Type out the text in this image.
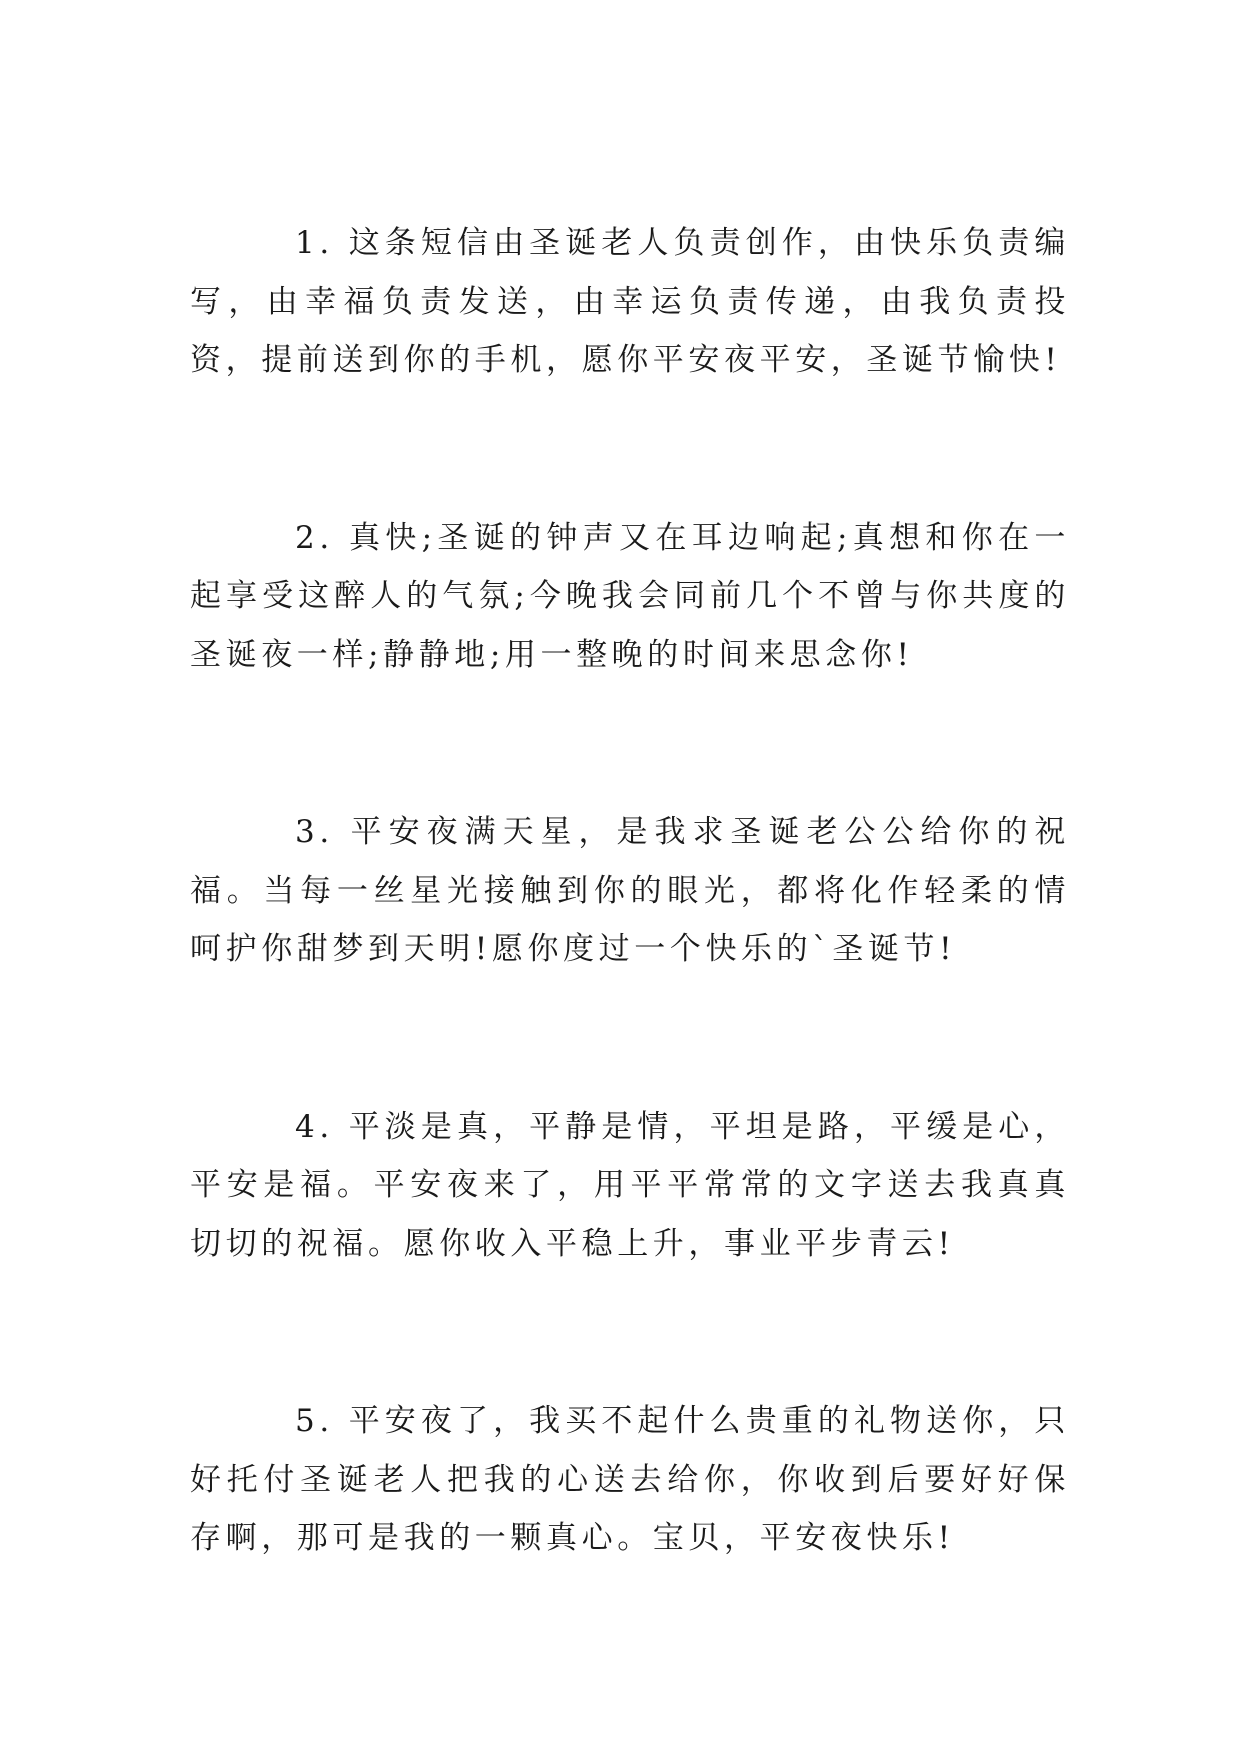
1. 这条短信由圣诞老人负责创作，由快乐负责编写，由幸福负责发送，由幸运负责传递，由我负责投资，提前送到你的手机，愿你平安夜平安，圣诞节愉快!

2. 真快;圣诞的钟声又在耳边响起;真想和你在一起享受这醉人的气氛;今晚我会同前几个不曾与你共度的圣诞夜一样;静静地;用一整晚的时间来思念你!

3. 平安夜满天星，是我求圣诞老公公给你的祝福。当每一丝星光接触到你的眼光，都将化作轻柔的情呵护你甜梦到天明!愿你度过一个快乐的`圣诞节!

4. 平淡是真，平静是情，平坦是路，平缓是心，平安是福。平安夜来了，用平平常常的文字送去我真真切切的祝福。愿你收入平稳上升，事业平步青云!

5. 平安夜了，我买不起什么贵重的礼物送你，只好托付圣诞老人把我的心送去给你，你收到后要好好保存啊，那可是我的一颗真心。宝贝，平安夜快乐!
